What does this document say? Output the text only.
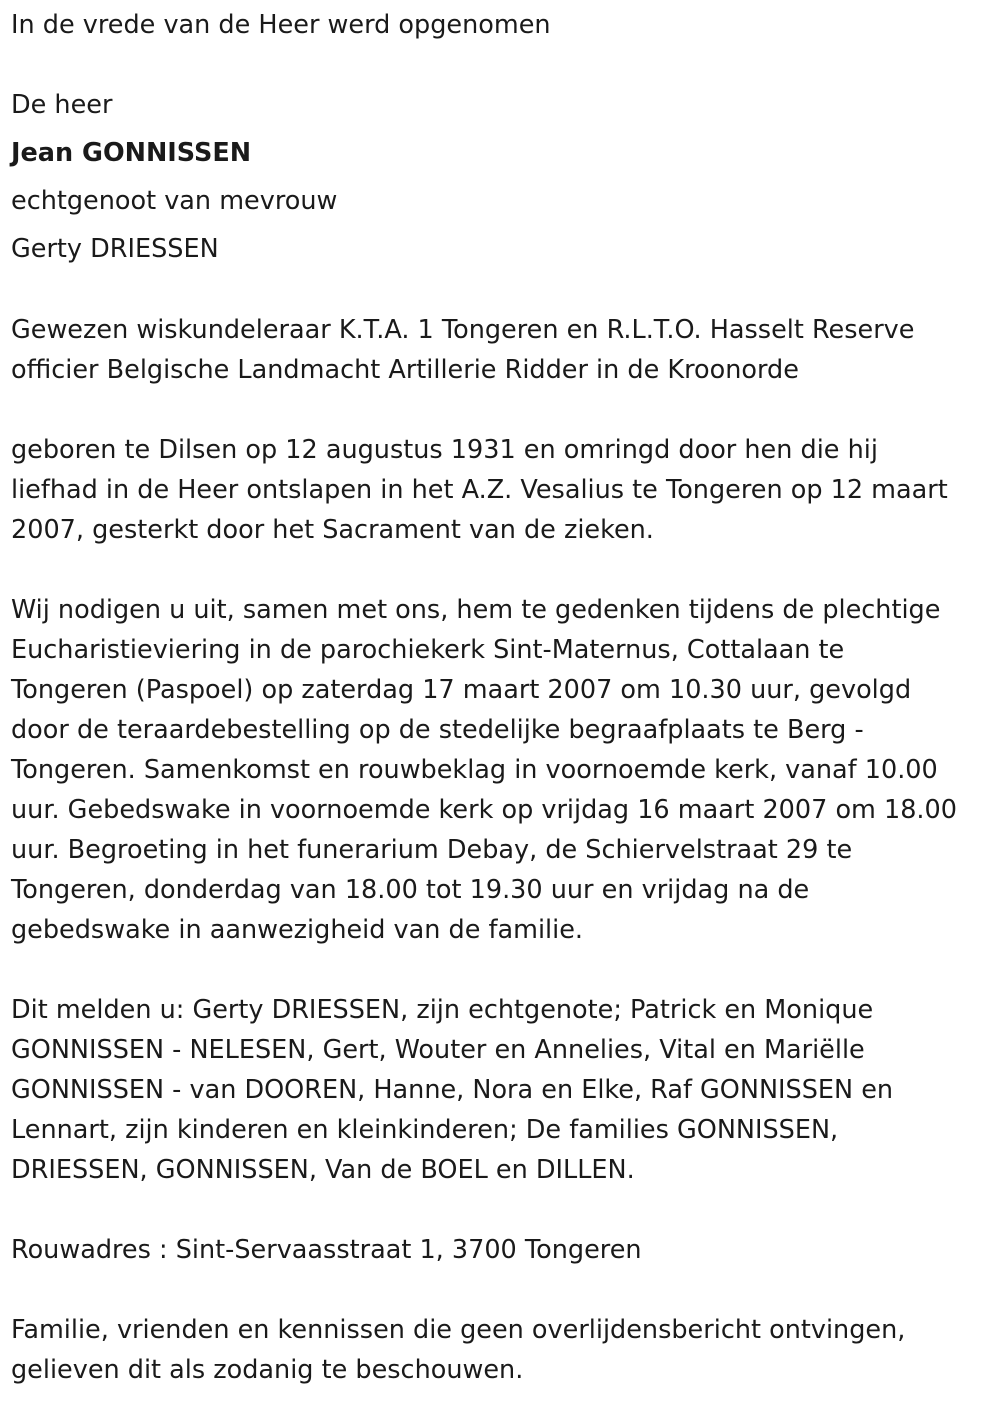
In de vrede van de Heer werd opgenomen

De heer

Jean GONNISSEN

echtgenoot van mevrouw

Gerty DRIESSEN

Gewezen wiskundeleraar K.T.A. 1 Tongeren en R.L.T.O. Hasselt Reserve
officier Belgische Landmacht Artillerie Ridder in de Kroonorde
geboren te Dilsen op 12 augustus 1931 en omringd door hen die hij
liefhad in de Heer ontslapen in het A.Z. Vesalius te Tongeren op 12 maart
2007, gesterkt door het Sacrament van de zieken.
Wij nodigen u uit, samen met ons, hem te gedenken tijdens de plechtige
Eucharistieviering in de parochiekerk Sint-Maternus, Cottalaan te
Tongeren (Paspoel) op zaterdag 17 maart 2007 om 10.30 uur, gevolgd
door de teraardebestelling op de stedelijke begraafplaats te Berg -
Tongeren. Samenkomst en rouwbeklag in voornoemde kerk, vanaf 10.00
uur. Gebedswake in voornoemde kerk op vrijdag 16 maart 2007 om 18.00
uur. Begroeting in het funerarium Debay, de Schiervelstraat 29 te
Tongeren, donderdag van 18.00 tot 19.30 uur en vrijdag na de
gebedswake in aanwezigheid van de familie.
Dit melden u: Gerty DRIESSEN, zijn echtgenote; Patrick en Monique
GONNISSEN - NELESEN, Gert, Wouter en Annelies, Vital en Mariëlle
GONNISSEN - van DOOREN, Hanne, Nora en Elke, Raf GONNISSEN en
Lennart, zijn kinderen en kleinkinderen; De families GONNISSEN,
DRIESSEN, GONNISSEN, Van de BOEL en DILLEN.

Rouwadres : Sint-Servaasstraat 1, 3700 Tongeren

Familie, vrienden en kennissen die geen overlijdensbericht ontvingen,
gelieven dit als zodanig te beschouwen.
